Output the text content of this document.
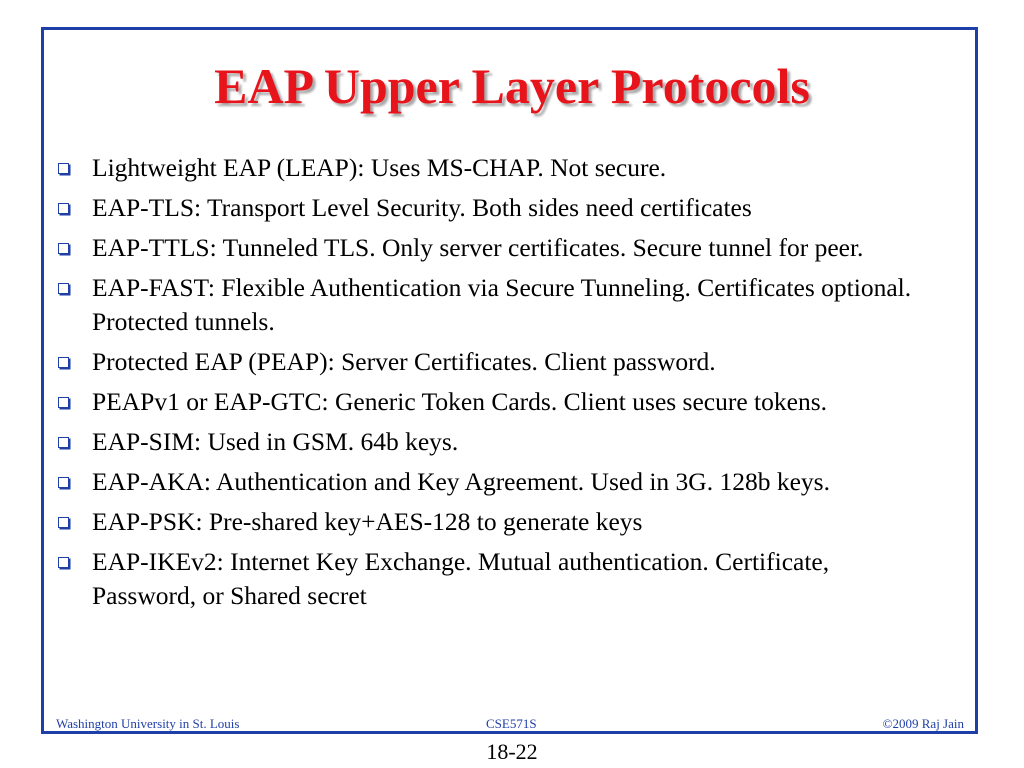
EAP Upper Layer Protocols
Lightweight EAP (LEAP): Uses MS-CHAP. Not secure.
EAP-TLS: Transport Level Security. Both sides need certificates
EAP-TTLS: Tunneled TLS. Only server certificates. Secure tunnel for peer.
EAP-FAST: Flexible Authentication via Secure Tunneling. Certificates optional. Protected tunnels.
Protected EAP (PEAP): Server Certificates. Client password.
PEAPv1 or EAP-GTC: Generic Token Cards. Client uses secure tokens.
EAP-SIM: Used in GSM. 64b keys.
EAP-AKA: Authentication and Key Agreement. Used in 3G. 128b keys.
EAP-PSK: Pre-shared key+AES-128 to generate keys
EAP-IKEv2: Internet Key Exchange. Mutual authentication. Certificate, Password, or Shared secret
Washington University in St. Louis	CSE571S	©2009 Raj Jain
18-22
